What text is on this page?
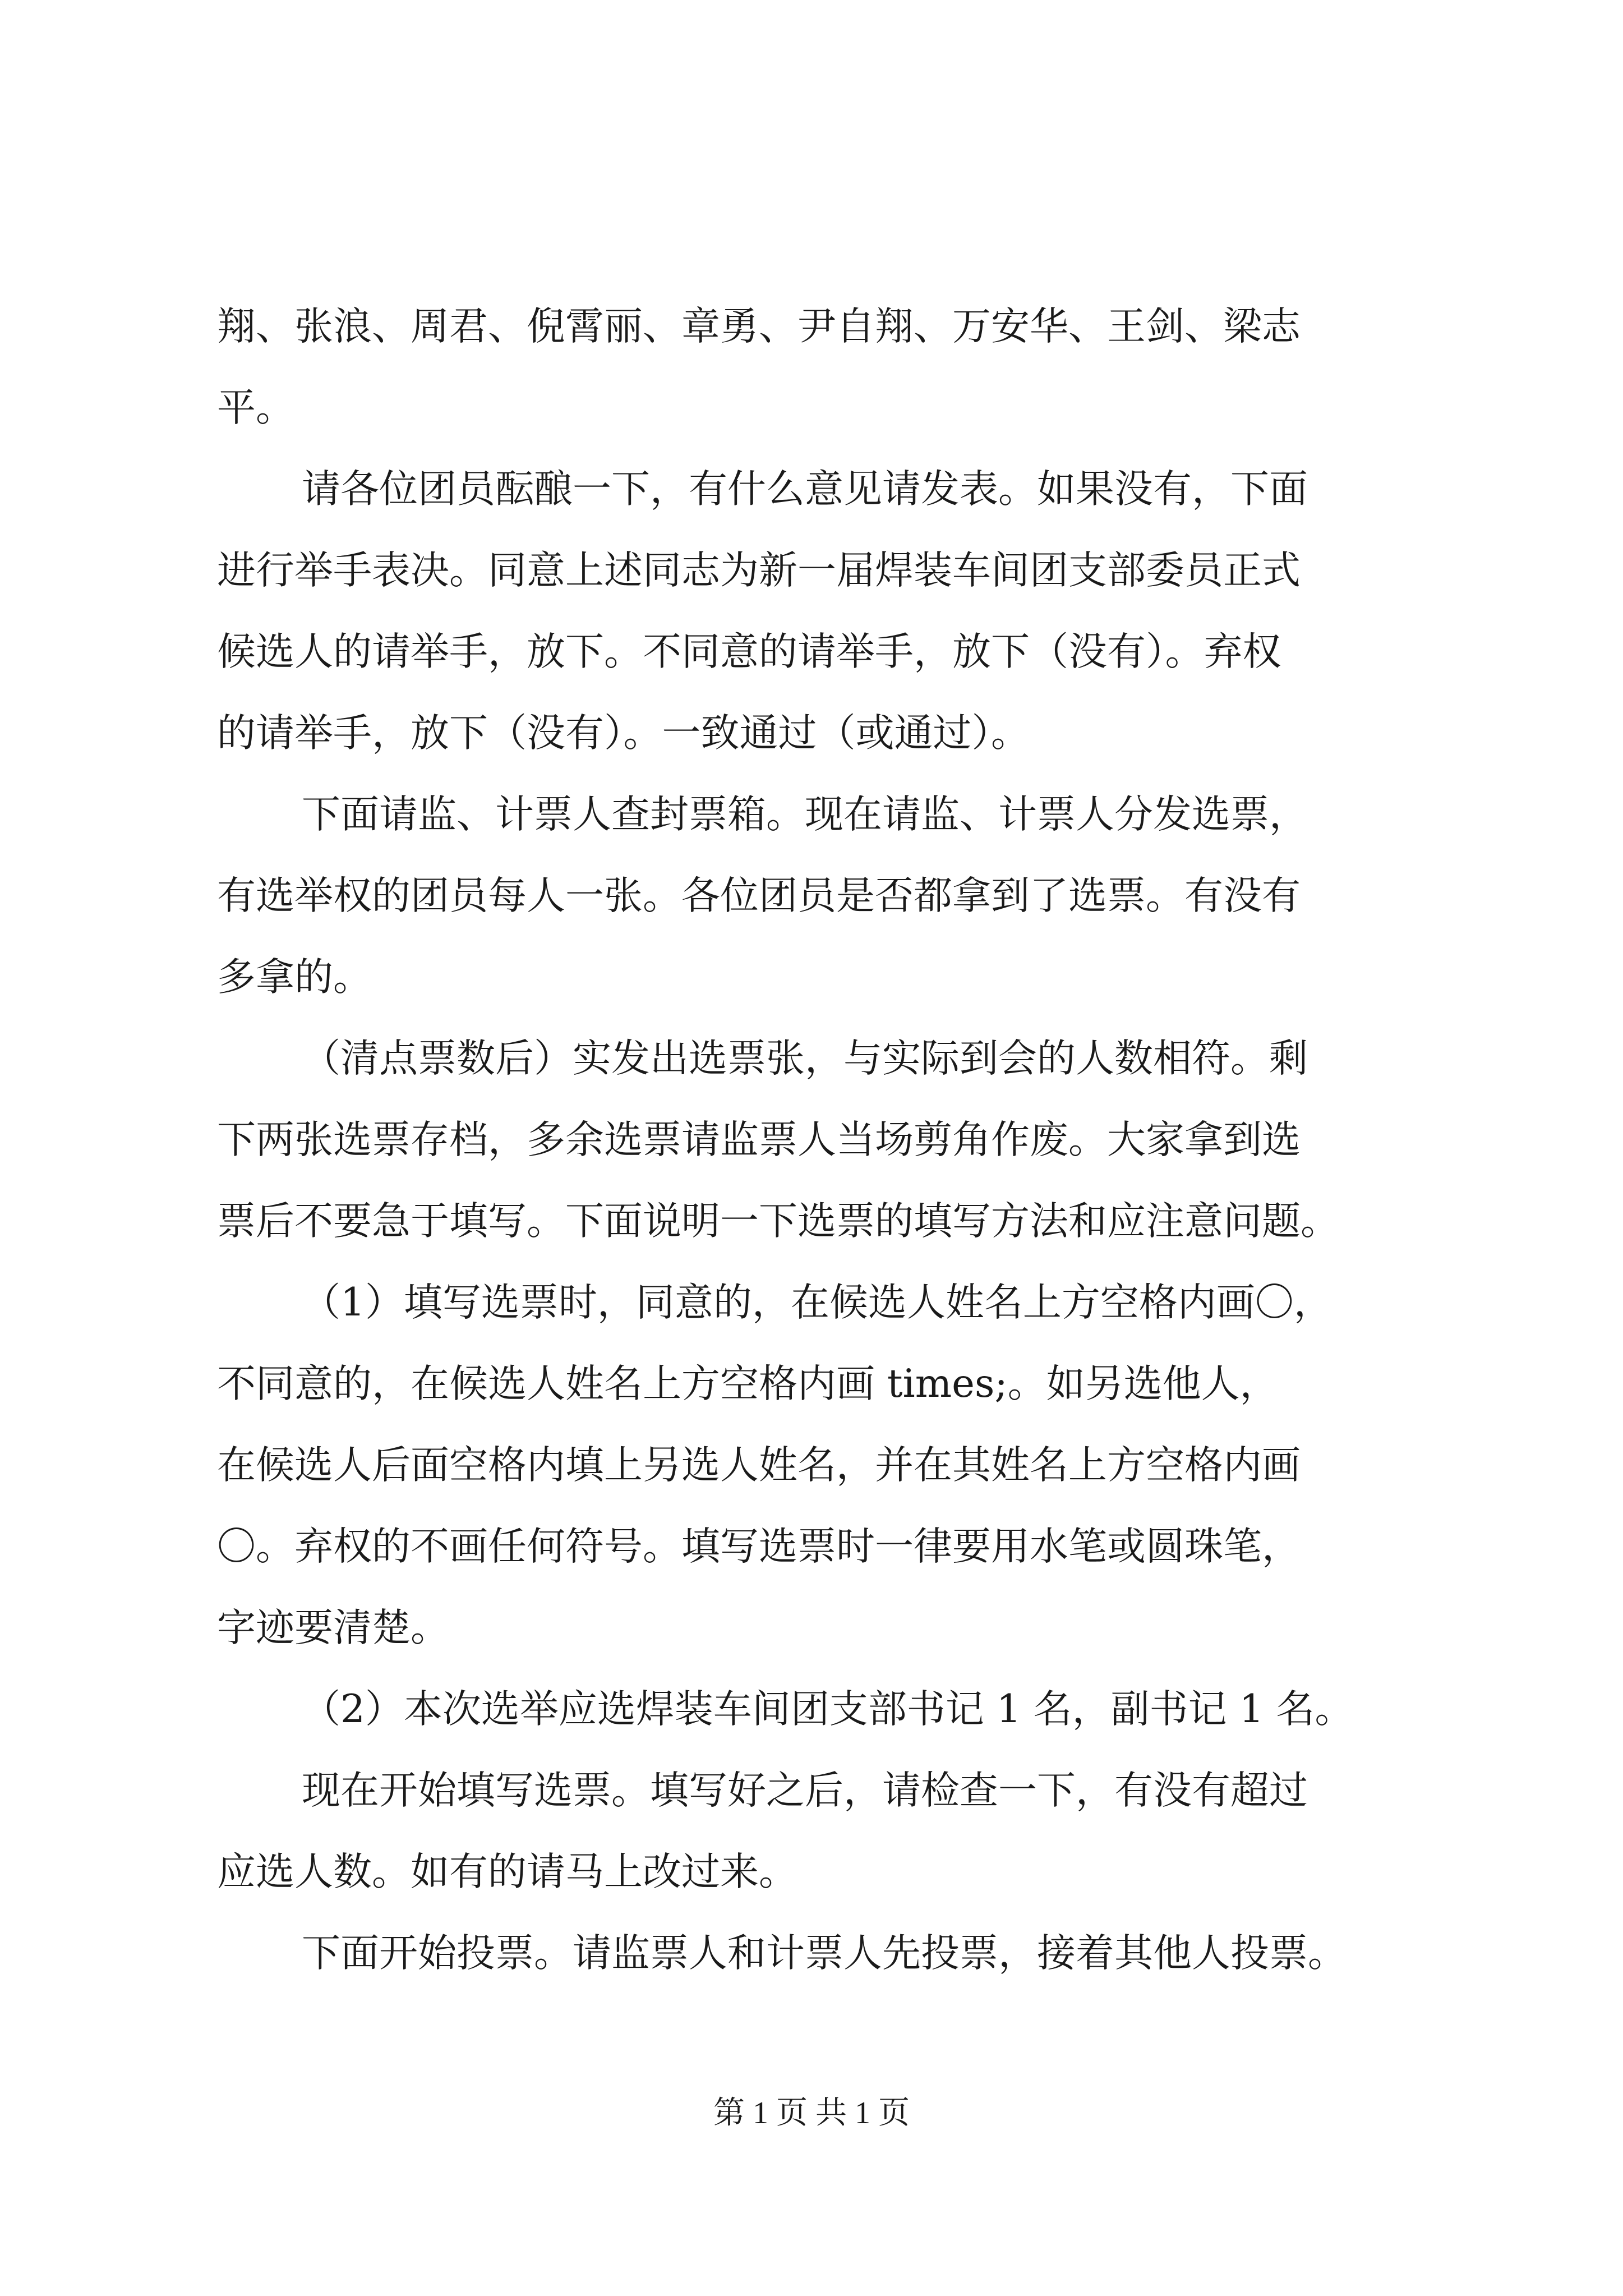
翔、张浪、周君、倪霄丽、章勇、尹自翔、万安华、王剑、梁志
平。
请各位团员酝酿一下，有什么意见请发表。如果没有，下面
进行举手表决。同意上述同志为新一届焊装车间团支部委员正式
候选人的请举手，放下。不同意的请举手，放下（没有）。弃权
的请举手，放下（没有）。一致通过（或通过）。
下面请监、计票人查封票箱。现在请监、计票人分发选票，
有选举权的团员每人一张。各位团员是否都拿到了选票。有没有
多拿的。
（清点票数后）实发出选票张，与实际到会的人数相符。剩
下两张选票存档，多余选票请监票人当场剪角作废。大家拿到选
票后不要急于填写。下面说明一下选票的填写方法和应注意问题。
（1）填写选票时，同意的，在候选人姓名上方空格内画〇，
不同意的，在候选人姓名上方空格内画 times;。如另选他人，
在候选人后面空格内填上另选人姓名，并在其姓名上方空格内画
〇。弃权的不画任何符号。填写选票时一律要用水笔或圆珠笔，
字迹要清楚。
（2）本次选举应选焊装车间团支部书记 1 名，副书记 1 名。
现在开始填写选票。填写好之后，请检查一下，有没有超过
应选人数。如有的请马上改过来。
下面开始投票。请监票人和计票人先投票，接着其他人投票。
第 1 页 共 1 页
